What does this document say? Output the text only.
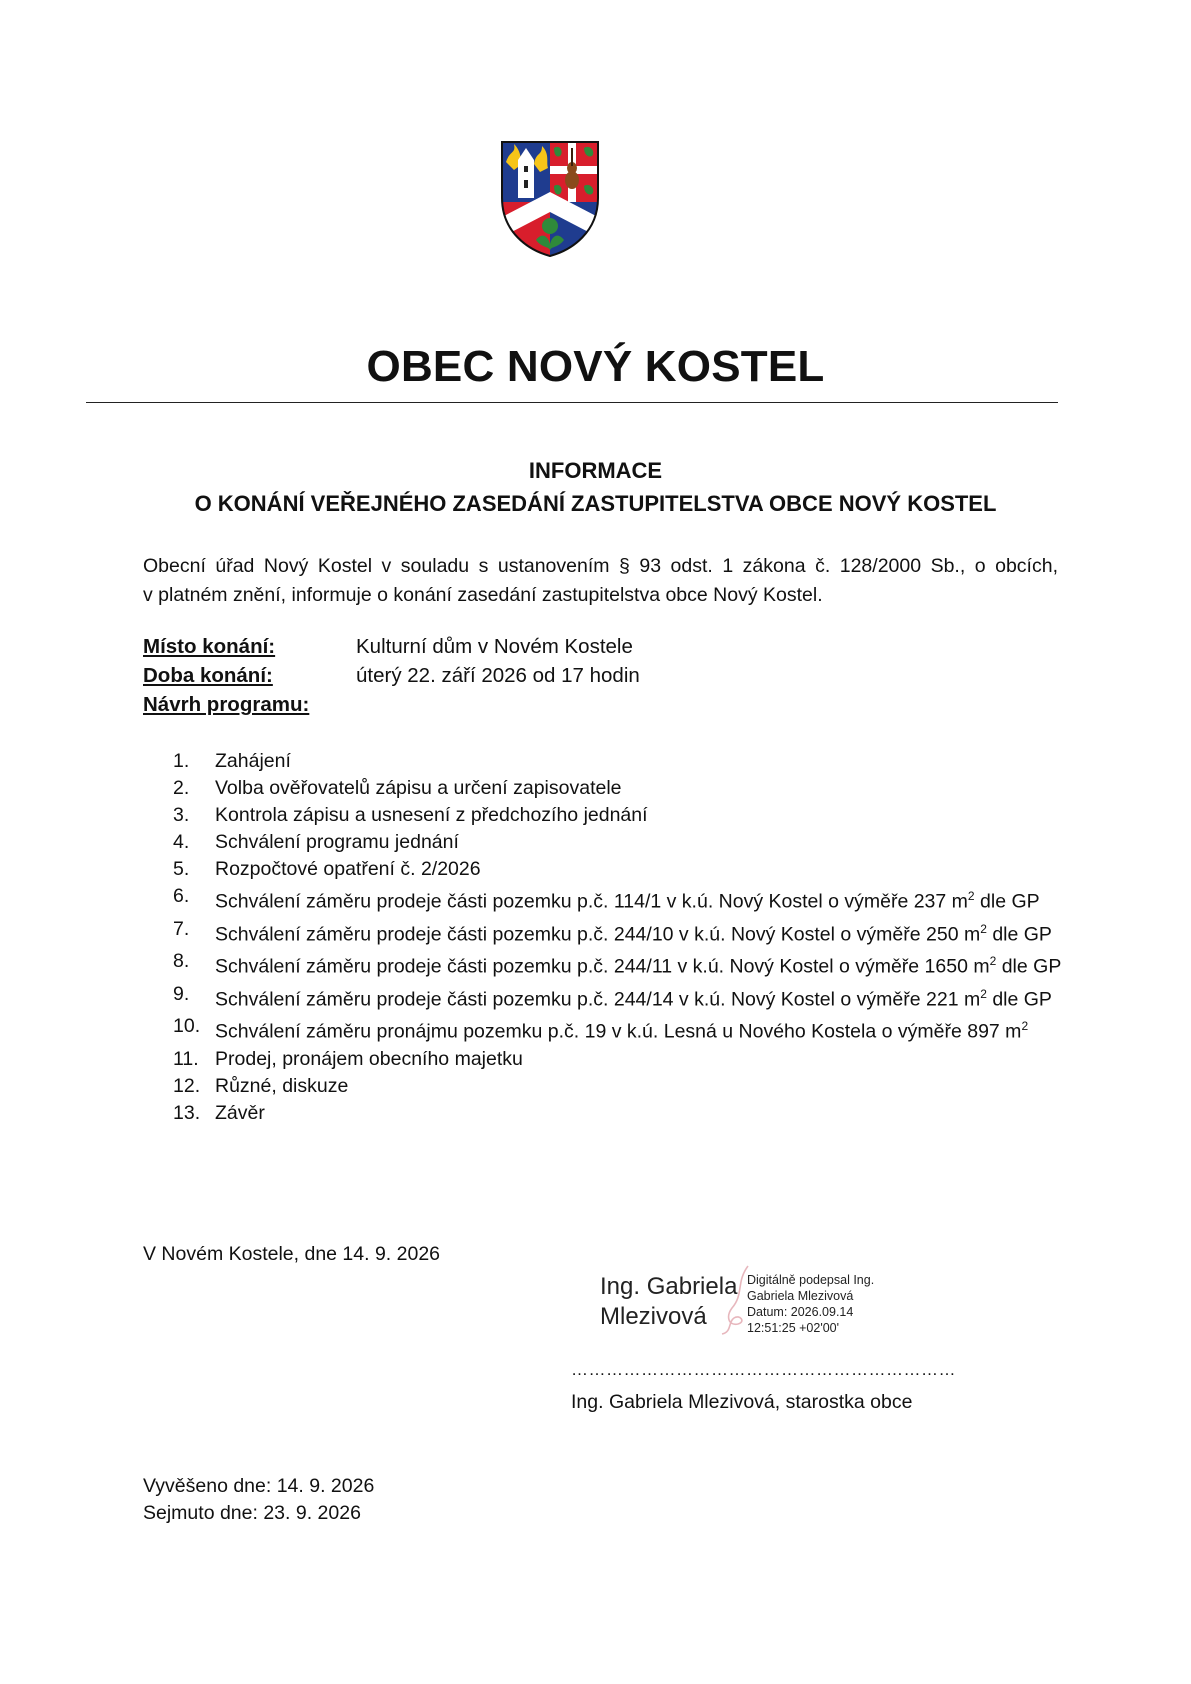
OBEC NOVÝ KOSTEL
INFORMACE
O KONÁNÍ VEŘEJNÉHO ZASEDÁNÍ ZASTUPITELSTVA OBCE NOVÝ KOSTEL

Obecní úřad Nový Kostel v souladu s ustanovením § 93 odst. 1 zákona č. 128/2000 Sb., o obcích,

v platném znění, informuje o konání zasedání zastupitelstva obce Nový Kostel.

Místo konání:	Kulturní dům v Novém Kostele
Doba konání:	úterý 22. září 2026 od 17 hodin
Návrh programu:
1.	Zahájení
2.	Volba ověřovatelů zápisu a určení zapisovatele
3.	Kontrola zápisu a usnesení z předchozího jednání
4.	Schválení programu jednání
5.	Rozpočtové opatření č. 2/2026
6.	Schválení záměru prodeje části pozemku p.č. 114/1 v k.ú. Nový Kostel o výměře 237 $m^2$ dle GP
7.	Schválení záměru prodeje části pozemku p.č. 244/10 v k.ú. Nový Kostel o výměře 250 $m^2$ dle GP
8.	Schválení záměru prodeje části pozemku p.č. 244/11 v k.ú. Nový Kostel o výměře 1650 $m^2$ dle GP
9.	Schválení záměru prodeje části pozemku p.č. 244/14 v k.ú. Nový Kostel o výměře 221 $m^2$ dle GP
10. Schválení záměru pronájmu pozemku p.č. 19 v k.ú. Lesná u Nového Kostela o výměře 897 $m^2$
11. Prodej, pronájem obecního majetku
12. Různé, diskuze
13. Závěr
V Novém Kostele, dne 14. 9. 2026
Ing. Gabriela
Mlezivová
Digitálně podepsal Ing.
Gabriela Mlezivová
Datum: 2026.09.14
12:51:25 +02'00'
…………………………………………………………
Ing. Gabriela Mlezivová, starostka obce
Vyvěšeno dne: 14. 9. 2026
Sejmuto dne: 23. 9. 2026
